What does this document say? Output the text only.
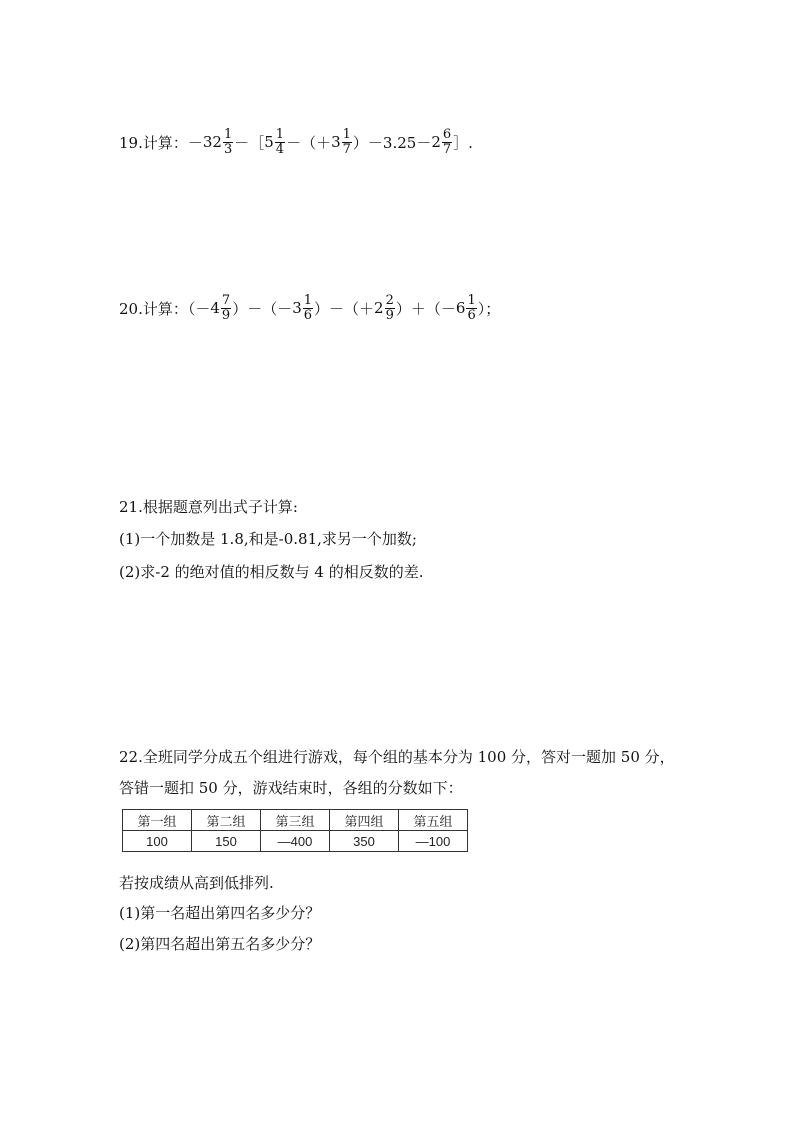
19.计算：－ $32 \frac{1}{3}$ －［ $5 \frac{1}{4}$ －（＋ $3 \frac{1}{7} )-3.25- 2 \frac{6}{7}$ ］.
20.计算：（－ $4 \frac{7}{9}$ ）－（－ $3 \frac{1}{6}$ ）－（＋ $2 \frac{2}{9}$ ）＋（－ $6 \frac{1}{6}$ ）；
21.根据题意列出式子计算:
(1)一个加数是 1.8,和是-0.81,求另一个加数;
(2)求-2 的绝对值的相反数与 4 的相反数的差.
22.全班同学分成五个组进行游戏，每个组的基本分为 100 分，答对一题加 50 分，
答错一题扣 50 分，游戏结束时，各组的分数如下：
第一组	第二组	第三组	第四组	第五组
100	150	—400	350	—100
若按成绩从高到低排列.
(1)第一名超出第四名多少分？
(2)第四名超出第五名多少分？
